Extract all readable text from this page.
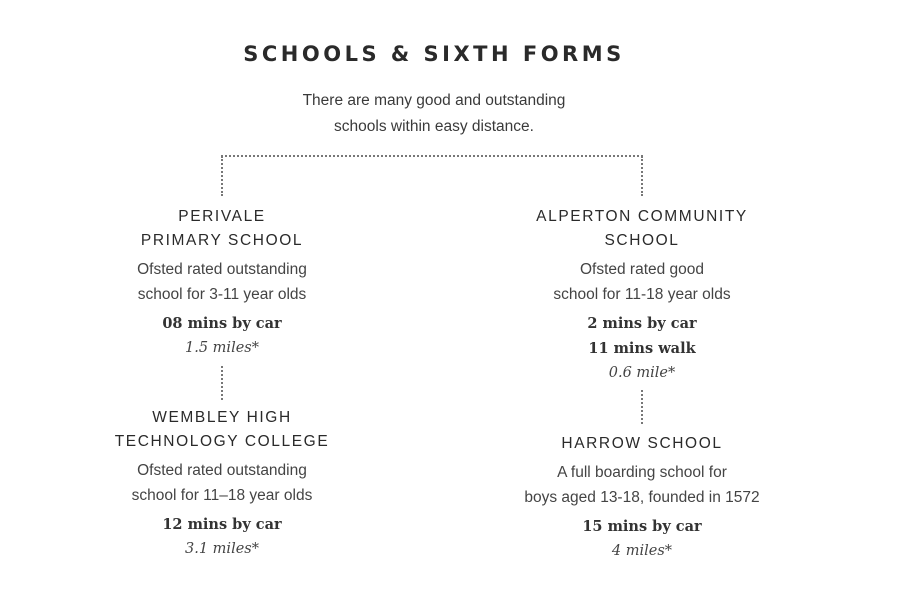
SCHOOLS & SIXTH FORMS
There are many good and outstanding
schools within easy distance.
PERIVALE
PRIMARY SCHOOL
Ofsted rated outstanding
school for 3-11 year olds
08 mins by car
1.5 miles*
WEMBLEY HIGH
TECHNOLOGY COLLEGE
Ofsted rated outstanding
school for 11–18 year olds
12 mins by car
3.1 miles*
ALPERTON COMMUNITY
SCHOOL
Ofsted rated good
school for 11-18 year olds
2 mins by car
11 mins walk
0.6 mile*
HARROW SCHOOL
A full boarding school for
boys aged 13-18, founded in 1572
15 mins by car
4 miles*
